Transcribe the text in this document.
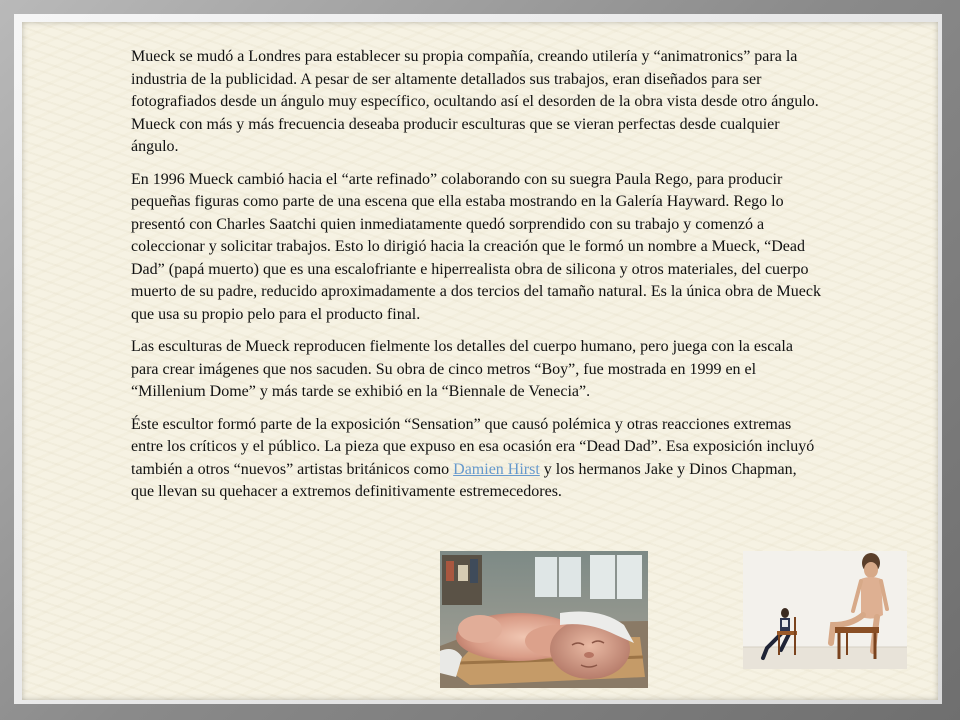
Mueck se mudó a Londres para establecer su propia compañía, creando utilería y “animatronics” para la industria de la publicidad. A pesar de ser altamente detallados sus trabajos, eran diseñados para ser fotografiados desde un ángulo muy específico, ocultando así el desorden de la obra vista desde otro ángulo. Mueck con más y más frecuencia deseaba producir esculturas que se vieran perfectas desde cualquier ángulo.

En 1996 Mueck cambió hacia el “arte refinado” colaborando con su suegra Paula Rego, para producir pequeñas figuras como parte de una escena que ella estaba mostrando en la Galería Hayward. Rego lo presentó con Charles Saatchi quien inmediatamente quedó sorprendido con su trabajo y comenzó a coleccionar y solicitar trabajos. Esto lo dirigió hacia la creación que le formó un nombre a Mueck, “Dead Dad” (papá muerto) que es una escalofriante e hiperrealista obra de silicona y otros materiales, del cuerpo muerto de su padre, reducido aproximadamente a dos tercios del tamaño natural. Es la única obra de Mueck que usa su propio pelo para el producto final.

Las esculturas de Mueck reproducen fielmente los detalles del cuerpo humano, pero juega con la escala para crear imágenes que nos sacuden. Su obra de cinco metros “Boy”, fue mostrada en 1999 en el “Millenium Dome” y más tarde se exhibió en la “Biennale de Venecia”.

Éste escultor formó parte de la exposición “Sensation” que causó polémica y otras reacciones extremas entre los críticos y el público. La pieza que expuso en esa ocasión era “Dead Dad”. Esa exposición incluyó también a otros “nuevos” artistas británicos como Damien Hirst y los hermanos Jake y Dinos Chapman, que llevan su quehacer a extremos definitivamente estremecedores.
